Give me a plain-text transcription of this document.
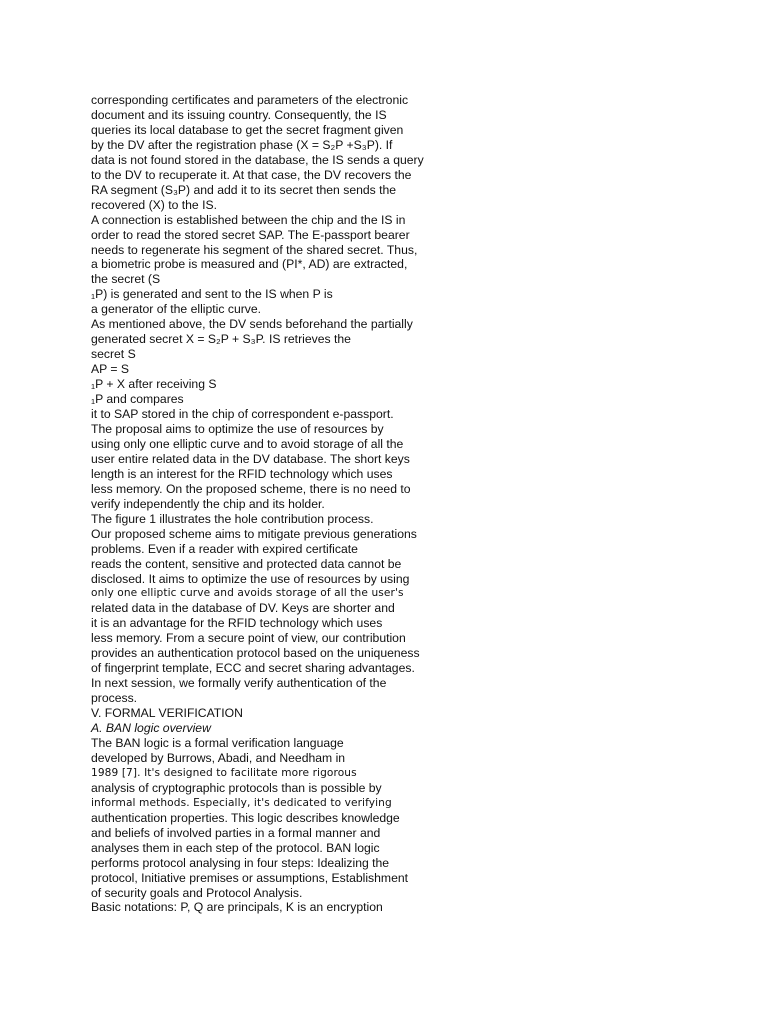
corresponding certificates and parameters of the electronic
document and its issuing country. Consequently, the IS
queries its local database to get the secret fragment given
by the DV after the registration phase (X = S₂P +S₃P). If
data is not found stored in the database, the IS sends a query
to the DV to recuperate it. At that case, the DV recovers the
RA segment (S₃P) and add it to its secret then sends the
recovered (X) to the IS.
A connection is established between the chip and the IS in
order to read the stored secret SAP. The E-passport bearer
needs to regenerate his segment of the shared secret. Thus,
a biometric probe is measured and (PI*, AD) are extracted,
the secret (S
₁P) is generated and sent to the IS when P is
a generator of the elliptic curve.
As mentioned above, the DV sends beforehand the partially
generated secret X = S₂P + S₃P. IS retrieves the
secret S
AP = S
₁P + X after receiving S
₁P and compares
it to SAP stored in the chip of correspondent e-passport.
The proposal aims to optimize the use of resources by
using only one elliptic curve and to avoid storage of all the
user entire related data in the DV database. The short keys
length is an interest for the RFID technology which uses
less memory. On the proposed scheme, there is no need to
verify independently the chip and its holder.
The figure 1 illustrates the hole contribution process.
Our proposed scheme aims to mitigate previous generations
problems. Even if a reader with expired certificate
reads the content, sensitive and protected data cannot be
disclosed. It aims to optimize the use of resources by using
only one elliptic curve and avoids storage of all the user's
related data in the database of DV. Keys are shorter and
it is an advantage for the RFID technology which uses
less memory. From a secure point of view, our contribution
provides an authentication protocol based on the uniqueness
of fingerprint template, ECC and secret sharing advantages.
In next session, we formally verify authentication of the
process.
V. FORMAL VERIFICATION
A. BAN logic overview
The BAN logic is a formal verification language
developed by Burrows, Abadi, and Needham in
1989 [7]. It's designed to facilitate more rigorous
analysis of cryptographic protocols than is possible by
informal methods. Especially, it's dedicated to verifying
authentication properties. This logic describes knowledge
and beliefs of involved parties in a formal manner and
analyses them in each step of the protocol. BAN logic
performs protocol analysing in four steps: Idealizing the
protocol, Initiative premises or assumptions, Establishment
of security goals and Protocol Analysis.
Basic notations: P, Q are principals, K is an encryption
